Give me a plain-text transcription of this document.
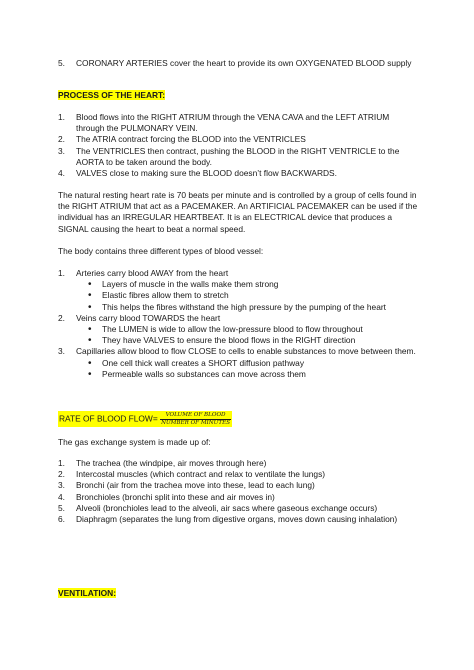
5.	CORONARY ARTERIES cover the heart to provide its own OXYGENATED BLOOD supply
PROCESS OF THE HEART:
1.	Blood flows into the RIGHT ATRIUM through the VENA CAVA and the LEFT ATRIUM through the PULMONARY VEIN.
2.	The ATRIA contract forcing the BLOOD into the VENTRICLES
3.	The VENTRICLES then contract, pushing the BLOOD in the RIGHT VENTRICLE to the AORTA to be taken around the body.
4.	VALVES close to making sure the BLOOD doesn’t flow BACKWARDS.

The natural resting heart rate is 70 beats per minute and is controlled by a group of cells found in the RIGHT ATRIUM that act as a PACEMAKER. An ARTIFICIAL PACEMAKER can be used if the individual has an IRREGULAR HEARTBEAT. It is an ELECTRICAL device that produces a SIGNAL causing the heart to beat a normal speed.

The body contains three different types of blood vessel:

1.	Arteries carry blood AWAY from the heart
• Layers of muscle in the walls make them strong
• Elastic fibres allow them to stretch
• This helps the fibres withstand the high pressure by the pumping of the heart
2.	Veins carry blood TOWARDS the heart
• The LUMEN is wide to allow the low-pressure blood to flow throughout
• They have VALVES to ensure the blood flows in the RIGHT direction
3.	Capillaries allow blood to flow CLOSE to cells to enable substances to move between them.
• One cell thick wall creates a SHORT diffusion pathway
• Permeable walls so substances can move across them
RATE OF BLOOD FLOW= $\frac{\text{VOLUME OF BLOOD}}{\text{NUMBER OF MINUTES}}$

The gas exchange system is made up of:

1.	The trachea (the windpipe, air moves through here)
2.	Intercostal muscles (which contract and relax to ventilate the lungs)
3.	Bronchi (air from the trachea move into these, lead to each lung)
4.	Bronchioles (bronchi split into these and air moves in)
5.	Alveoli (bronchioles lead to the alveoli, air sacs where gaseous exchange occurs)
6.	Diaphragm (separates the lung from digestive organs, moves down causing inhalation)
VENTILATION:
